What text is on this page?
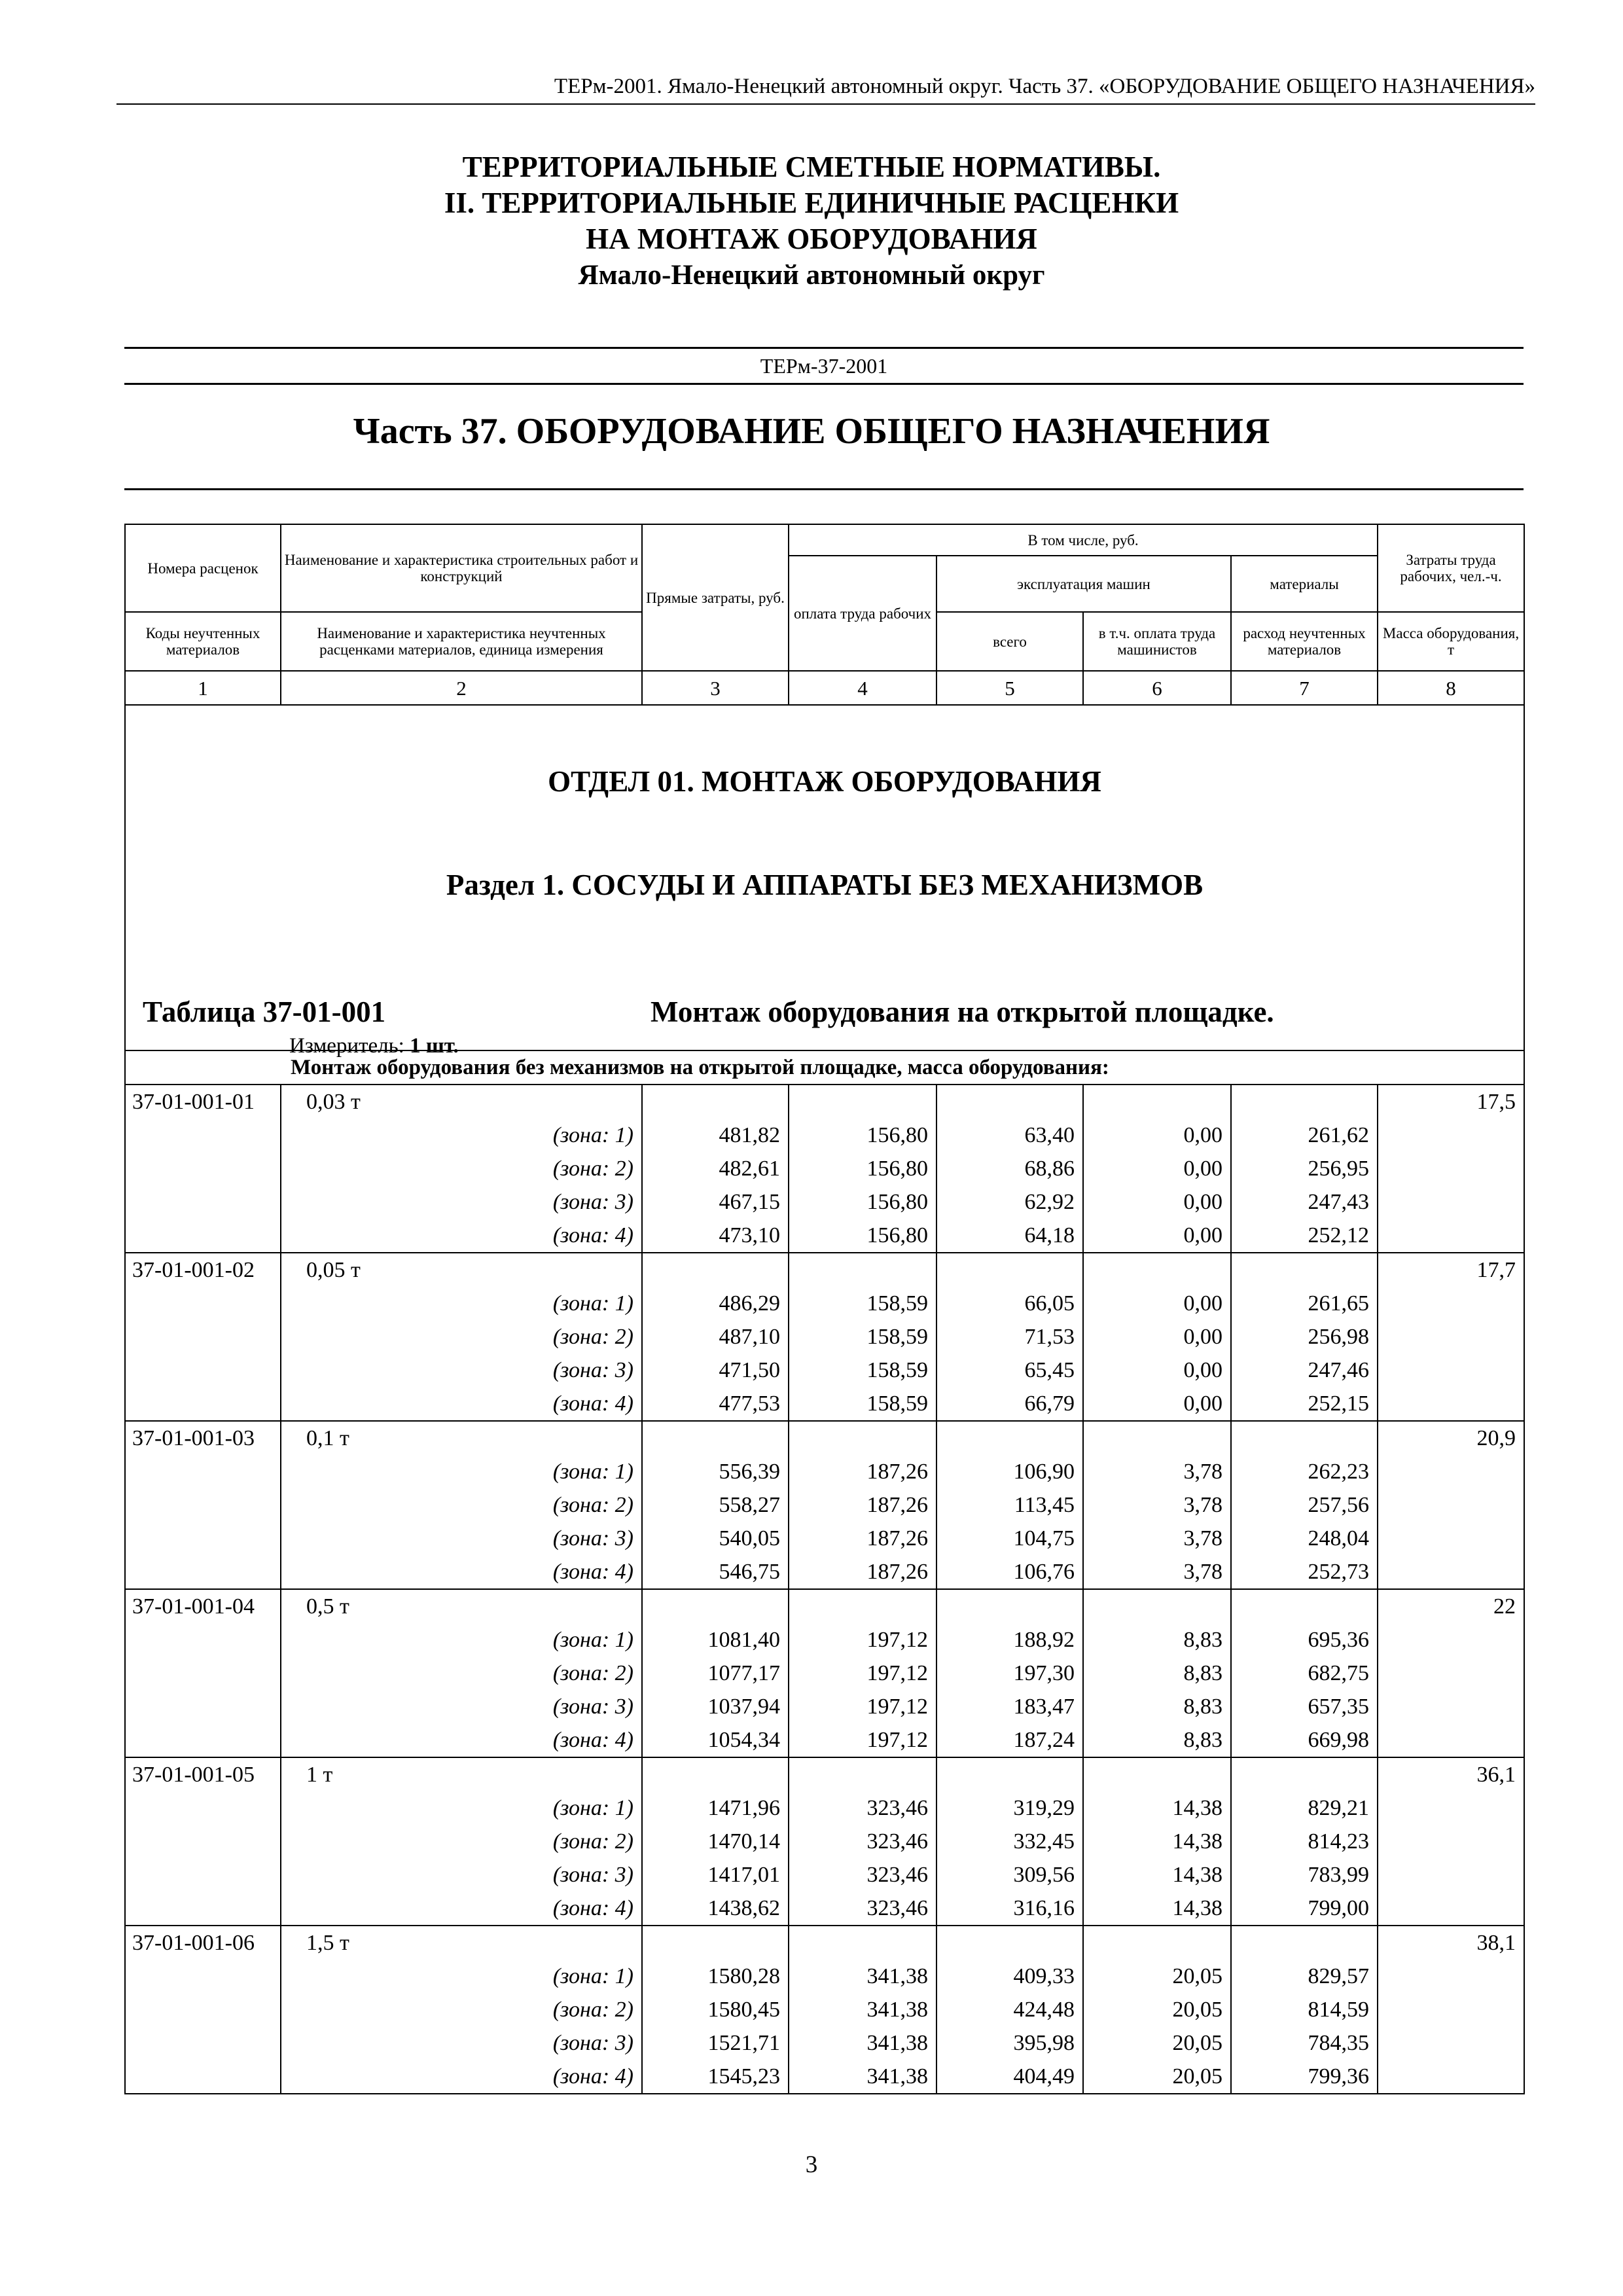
ТЕРм-2001. Ямало-Ненецкий автономный округ. Часть 37. «ОБОРУДОВАНИЕ ОБЩЕГО НАЗНАЧЕНИЯ»
ТЕРРИТОРИАЛЬНЫЕ СМЕТНЫЕ НОРМАТИВЫ.
II. ТЕРРИТОРИАЛЬНЫЕ ЕДИНИЧНЫЕ РАСЦЕНКИ
НА МОНТАЖ ОБОРУДОВАНИЯ
Ямало-Ненецкий автономный округ
ТЕРм-37-2001
Часть 37. ОБОРУДОВАНИЕ ОБЩЕГО НАЗНАЧЕНИЯ
Номера расценок	Наименование и характеристика строительных работ и конструкций	Прямые затраты, руб.	В том числе, руб.				Затраты труда рабочих, чел.-ч.
			оплата труда рабочих	эксплуатация машин		материалы	
Коды неучтенных материалов	Наименование и характеристика неучтенных расценками материалов, единица измерения			всего	в т.ч. оплата труда машинистов	расход неучтенных материалов	Масса оборудования, т
1	2	3	4	5	6	7	8

ОТДЕЛ 01. МОНТАЖ ОБОРУДОВАНИЯ
Раздел 1. СОСУДЫ И АППАРАТЫ БЕЗ МЕХАНИЗМОВ
Таблица 37-01-001 Монтаж оборудования на открытой площадке.
Измеритель: 1 шт.							

Монтаж оборудования без механизмов на открытой площадке, масса оборудования:							
37-01-001-01	0,03 т						17,5
	(зона: 1)	481,82	156,80	63,40	0,00	261,62	
	(зона: 2)	482,61	156,80	68,86	0,00	256,95	
	(зона: 3)	467,15	156,80	62,92	0,00	247,43	
	(зона: 4)	473,10	156,80	64,18	0,00	252,12	
37-01-001-02	0,05 т						17,7
	(зона: 1)	486,29	158,59	66,05	0,00	261,65	
	(зона: 2)	487,10	158,59	71,53	0,00	256,98	
	(зона: 3)	471,50	158,59	65,45	0,00	247,46	
	(зона: 4)	477,53	158,59	66,79	0,00	252,15	
37-01-001-03	0,1 т						20,9
	(зона: 1)	556,39	187,26	106,90	3,78	262,23	
	(зона: 2)	558,27	187,26	113,45	3,78	257,56	
	(зона: 3)	540,05	187,26	104,75	3,78	248,04	
	(зона: 4)	546,75	187,26	106,76	3,78	252,73	
37-01-001-04	0,5 т						22
	(зона: 1)	1081,40	197,12	188,92	8,83	695,36	
	(зона: 2)	1077,17	197,12	197,30	8,83	682,75	
	(зона: 3)	1037,94	197,12	183,47	8,83	657,35	
	(зона: 4)	1054,34	197,12	187,24	8,83	669,98	
37-01-001-05	1 т						36,1
	(зона: 1)	1471,96	323,46	319,29	14,38	829,21	
	(зона: 2)	1470,14	323,46	332,45	14,38	814,23	
	(зона: 3)	1417,01	323,46	309,56	14,38	783,99	
	(зона: 4)	1438,62	323,46	316,16	14,38	799,00	
37-01-001-06	1,5 т						38,1
	(зона: 1)	1580,28	341,38	409,33	20,05	829,57	
	(зона: 2)	1580,45	341,38	424,48	20,05	814,59	
	(зона: 3)	1521,71	341,38	395,98	20,05	784,35	
	(зона: 4)	1545,23	341,38	404,49	20,05	799,36	
3
